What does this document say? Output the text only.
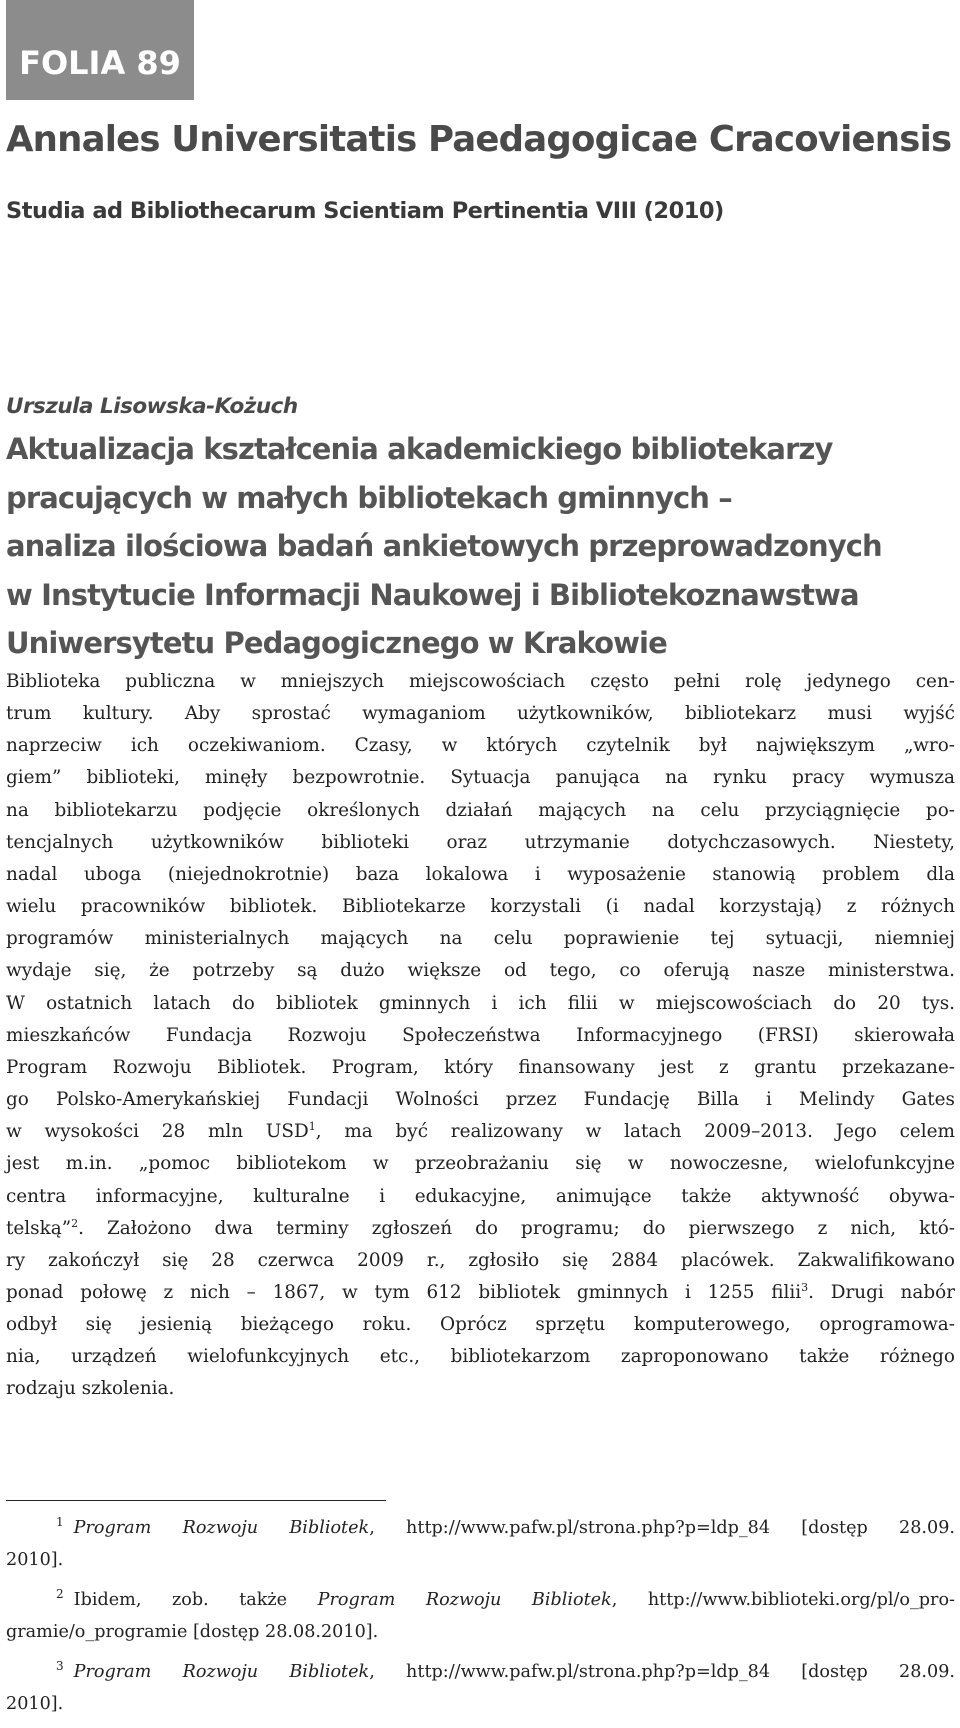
FOLIA 89
Annales Universitatis Paedagogicae Cracoviensis
Studia ad Bibliothecarum Scientiam Pertinentia VIII (2010)
Urszula Lisowska-Kożuch
Aktualizacja kształcenia akademickiego bibliotekarzy
pracujących w małych bibliotekach gminnych –
analiza ilościowa badań ankietowych przeprowadzonych
w Instytucie Informacji Naukowej i Bibliotekoznawstwa
Uniwersytetu Pedagogicznego w Krakowie
Biblioteka publiczna w mniejszych miejscowościach często pełni rolę jedynego cen-
trum kultury. Aby sprostać wymaganiom użytkowników, bibliotekarz musi wyjść
naprzeciw ich oczekiwaniom. Czasy, w których czytelnik był największym „wro-
giem” biblioteki, minęły bezpowrotnie. Sytuacja panująca na rynku pracy wymusza
na bibliotekarzu podjęcie określonych działań mających na celu przyciągnięcie po-
tencjalnych użytkowników biblioteki oraz utrzymanie dotychczasowych. Niestety,
nadal uboga (niejednokrotnie) baza lokalowa i wyposażenie stanowią problem dla
wielu pracowników bibliotek. Bibliotekarze korzystali (i nadal korzystają) z różnych
programów ministerialnych mających na celu poprawienie tej sytuacji, niemniej
wydaje się, że potrzeby są dużo większe od tego, co oferują nasze ministerstwa.
W ostatnich latach do bibliotek gminnych i ich filii w miejscowościach do 20 tys.
mieszkańców Fundacja Rozwoju Społeczeństwa Informacyjnego (FRSI) skierowała
Program Rozwoju Bibliotek. Program, który finansowany jest z grantu przekazane-
go Polsko-Amerykańskiej Fundacji Wolności przez Fundację Billa i Melindy Gates
w wysokości 28 mln USD$^1$, ma być realizowany w latach 2009–2013. Jego celem
jest m.in. „pomoc bibliotekom w przeobrażaniu się w nowoczesne, wielofunkcyjne
centra informacyjne, kulturalne i edukacyjne, animujące także aktywność obywa-
telską”$^2$. Założono dwa terminy zgłoszeń do programu; do pierwszego z nich, któ-
ry zakończył się 28 czerwca 2009 r., zgłosiło się 2884 placówek. Zakwalifikowano
ponad połowę z nich – 1867, w tym 612 bibliotek gminnych i 1255 filii$^3$. Drugi nabór
odbył się jesienią bieżącego roku. Oprócz sprzętu komputerowego, oprogramowa-
nia, urządzeń wielofunkcyjnych etc., bibliotekarzom zaproponowano także różnego
rodzaju szkolenia.
$^1$ Program Rozwoju Bibliotek, http://www.pafw.pl/strona.php?p=ldp_84 [dostęp 28.09.
2010].
$^2$ Ibidem, zob. także Program Rozwoju Bibliotek, http://www.biblioteki.org/pl/o_pro-
gramie/o_programie [dostęp 28.08.2010].
$^3$ Program Rozwoju Bibliotek, http://www.pafw.pl/strona.php?p=ldp_84 [dostęp 28.09.
2010].
